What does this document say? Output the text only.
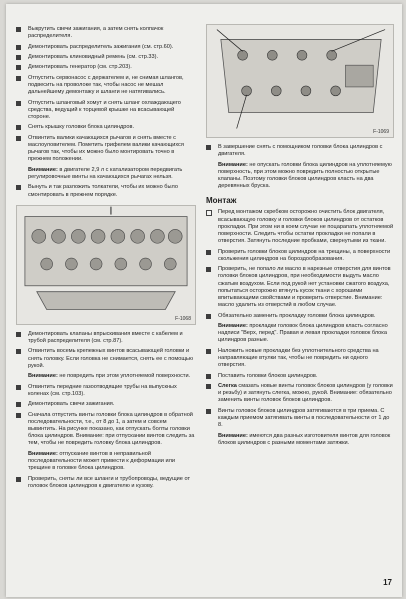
Выкрутить свечи зажигания, а затем снять колпачок распределителя.
Демонтировать распределитель зажигания (см. стр.60).
Демонтировать клиновидный ремень (см. стр.33).
Демонтировать генератор (см. стр.203).
Отпустить сервонасос с держателем и, не снимая шлангов, подвесить на проволоке так, чтобы насос не мешал дальнейшему демонтажу и шланги не натягивались.
Отпустить шланговый хомут и снять шланг охлаждающего средства, ведущий к торцевой крышке на всасывающей стороне.
Снять крышку головки блока цилиндров.
Отвинтить валики качающихся рычагов и снять вместе с маслоуловителем. Пометить грифелем валики качающихся рычагов так, чтобы их можно было монтировать точно в прежнем положении.
Внимание: в двигателе 2,9 л с катализатором передвигать регулировочные винты на качающихся рычагах нельзя.
Вынуть и так разложить толкатели, чтобы их можно было смонтировать в прежнем порядке.
F-1068
Демонтировать клапаны впрыскивания вместе с кабелем и трубой распределителя (см. стр.87).
Отвинтить восемь крепежных винтов всасывающей головки и снять головку. Если головка не снимается, снять ее с помощью рукой.
Внимание: не повредить при этом уплотняемой поверхности.
Отвинтить передние газоотводящие трубы на выпускных коленах (см. стр.103).
Демонтировать свечи зажигания.
Сначала отпустить винты головки блока цилиндров в обратной последовательности, т.е., от 8 до 1, а затем и совсем вывинтить. На рисунке показано, как отпускать болты головки блока цилиндров. Внимание: при отпускании винтов следить за тем, чтобы не повредить головку блока цилиндров.
Внимание: отпускание винтов в неправильной последовательности может привести к деформации или трещине в головке блока цилиндров.
Проверить, сняты ли все шланги и трубопроводы, ведущие от головок блоков цилиндров к двигателю и кузову.
F-1069
В завершение снять с помощником головки блока цилиндров с двигателя.
Внимание: не опускать головки блока цилиндров на уплотняемую поверхность, при этом можно повредить полностью открытые клапаны. Поэтому головки блоков цилиндров класть на два деревянных бруска.
Монтаж
Перед монтажом скребком осторожно очистить блок двигателя, всасывающую головку и головки блоков цилиндров от остатков прокладки. При этом ни в коем случае не поцарапать уплотняемой поверхности. Следить чтобы остатки прокладки не попали в отверстия. Затянуть последние пробками, свернутыми из ткани.
Проверить головки блоков цилиндров на трещины, а поверхности скольжения цилиндров на бороздообразования.
Проверить, не попало ли масло в нарезные отверстия для винтов головки блоков цилиндров, при необходимости выдуть масло сжатым воздухом. Если под рукой нет установки сжатого воздуха, попытаться осторожно втянуть кусок ткани с хорошими впитывающими свойствами и проверить отверстие. Внимание: масло удалить из отверстий в любом случае.
Обязательно заменить прокладку головки блока цилиндров.
Внимание: прокладки головок блока цилиндров класть согласно надписи "Верх, перед". Правая и левая прокладки головок блока цилиндров разные.
Наложить новые прокладки без уплотнительного средства на направляющие втулки так, чтобы не повредить ни одного отверстия.
Поставить головки блоков цилиндров.
Слегка смазать новые винты головок блоков цилиндров (у головки и резьбу) и затянуть слегка, можно, рукой. Внимание: обязательно заменить винты головок блоков цилиндров.
Винты головок блоков цилиндров затягиваются в три приема. С каждым приемом затягивать винты в последовательности от 1 до 8.
Внимание: имеются два разных изготовителя винтов для головок блоков цилиндров с разными моментами затяжки.
17
